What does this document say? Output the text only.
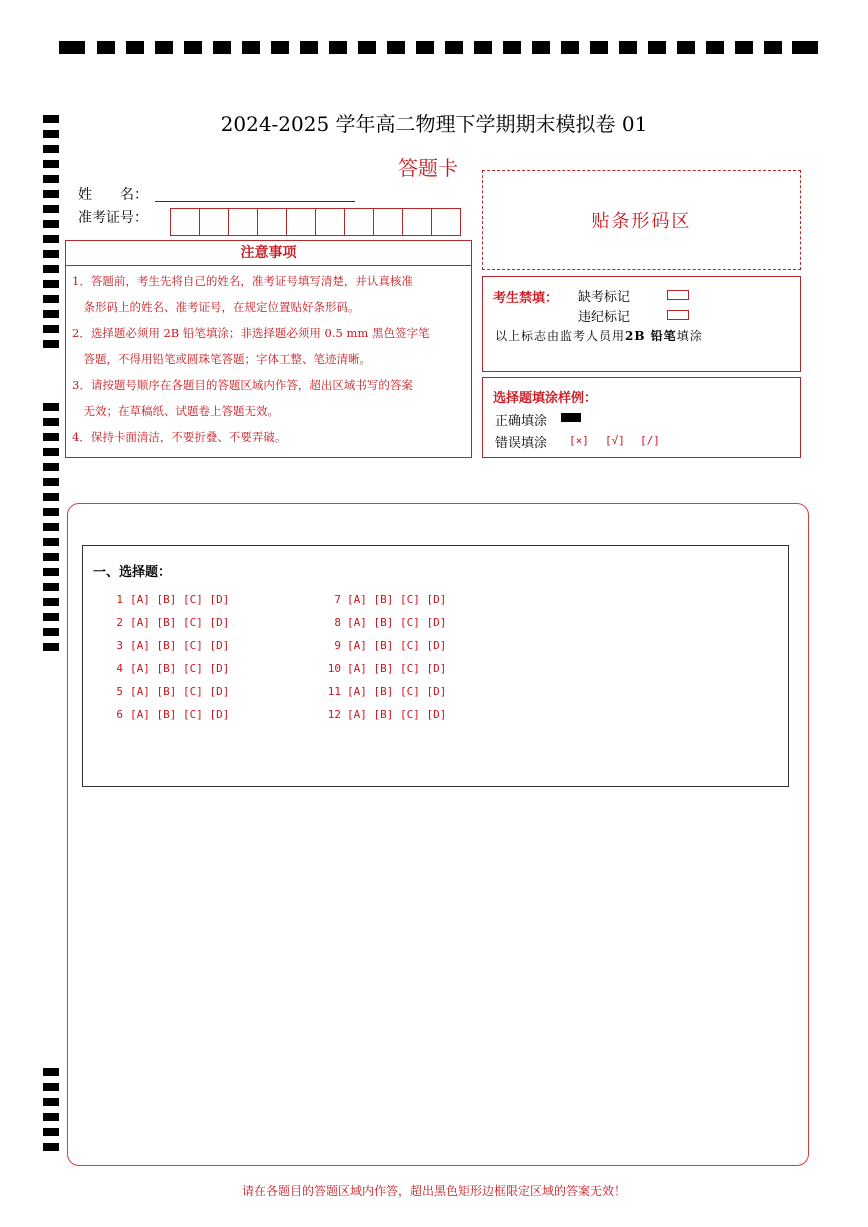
2024-2025 学年高二物理下学期期末模拟卷 01
答题卡
姓　　名：
准考证号：
注意事项
1．答题前，考生先将自己的姓名，准考证号填写清楚，并认真核准
　条形码上的姓名、准考证号，在规定位置贴好条形码。
2．选择题必须用 2B 铅笔填涂；非选择题必须用 0.5 mm 黑色签字笔
　答题，不得用铅笔或圆珠笔答题；字体工整、笔迹清晰。
3．请按题号顺序在各题目的答题区域内作答，超出区域书写的答案
　无效；在草稿纸、试题卷上答题无效。
4．保持卡面清洁，不要折叠、不要弄破。
贴条形码区
考生禁填： 缺考标记
违纪标记
以上标志由监考人员用2B 铅笔填涂
选择题填涂样例：
正确填涂
错误填涂 [×] [√] [/]
一、选择题：
1 [A] [B] [C] [D]
2 [A] [B] [C] [D]
3 [A] [B] [C] [D]
4 [A] [B] [C] [D]
5 [A] [B] [C] [D]
6 [A] [B] [C] [D]
7 [A] [B] [C] [D]
8 [A] [B] [C] [D]
9 [A] [B] [C] [D]
10 [A] [B] [C] [D]
11 [A] [B] [C] [D]
12 [A] [B] [C] [D]
请在各题目的答题区域内作答，超出黑色矩形边框限定区域的答案无效！
